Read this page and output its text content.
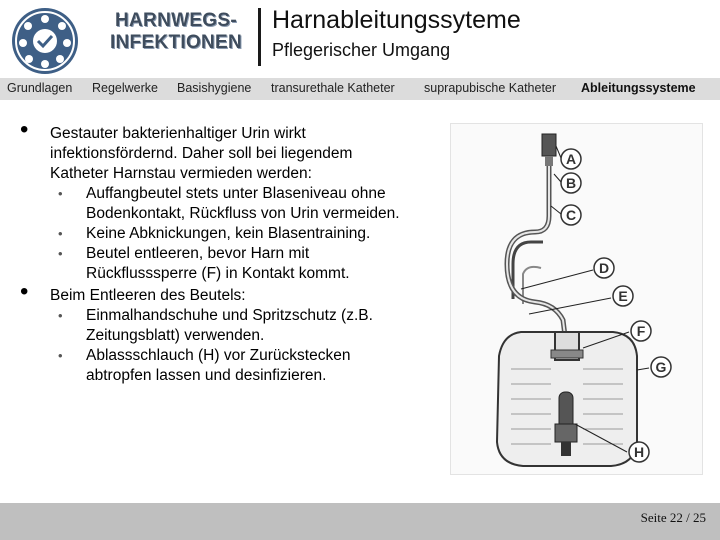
HARNWEGS-
INFEKTIONEN
Harnableitungssyteme
Pflegerischer Umgang
Grundlagen Regelwerke Basishygiene transurethale Katheter suprapubische Katheter Ableitungssysteme
• Gestauter bakterienhaltiger Urin wirkt infektionsfördernd. Daher soll bei liegendem Katheter Harnstau vermieden werden:
• Auffangbeutel stets unter Blaseniveau ohne Bodenkontakt, Rückfluss von Urin vermeiden.
• Keine Abknickungen, kein Blasentraining.
• Beutel entleeren, bevor Harn mit Rückflusssperre (F) in Kontakt kommt.
• Beim Entleeren des Beutels:
• Einmalhandschuhe und Spritzschutz (z.B. Zeitungsblatt) verwenden.
• Ablassschlauch (H) vor Zurückstecken abtropfen lassen und desinfizieren.
A
B
C
D
E
F
G
H
Seite 22 / 25
